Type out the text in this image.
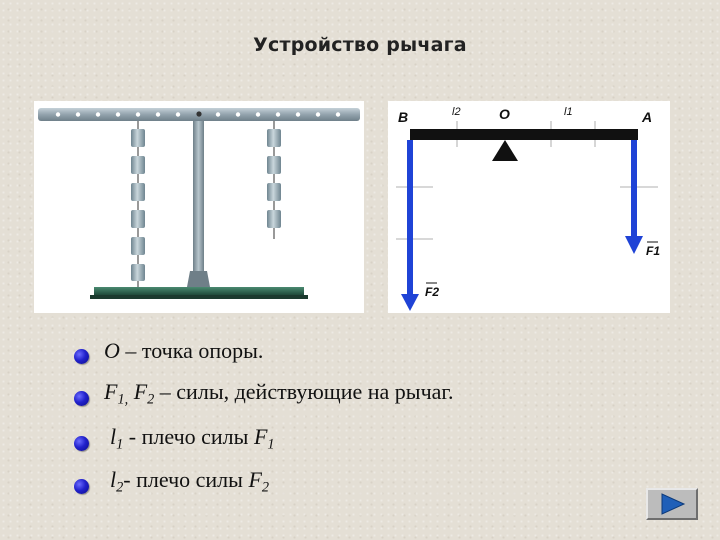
Устройство рычага
B	l2	O	l1	A
F1
F2
O – точка опоры.
$F_{1,}$ $F_2$ – силы, действующие на рычаг.
$l_1$ - плечо силы $F_1$
$l_2-$ плечо силы $F_2$
